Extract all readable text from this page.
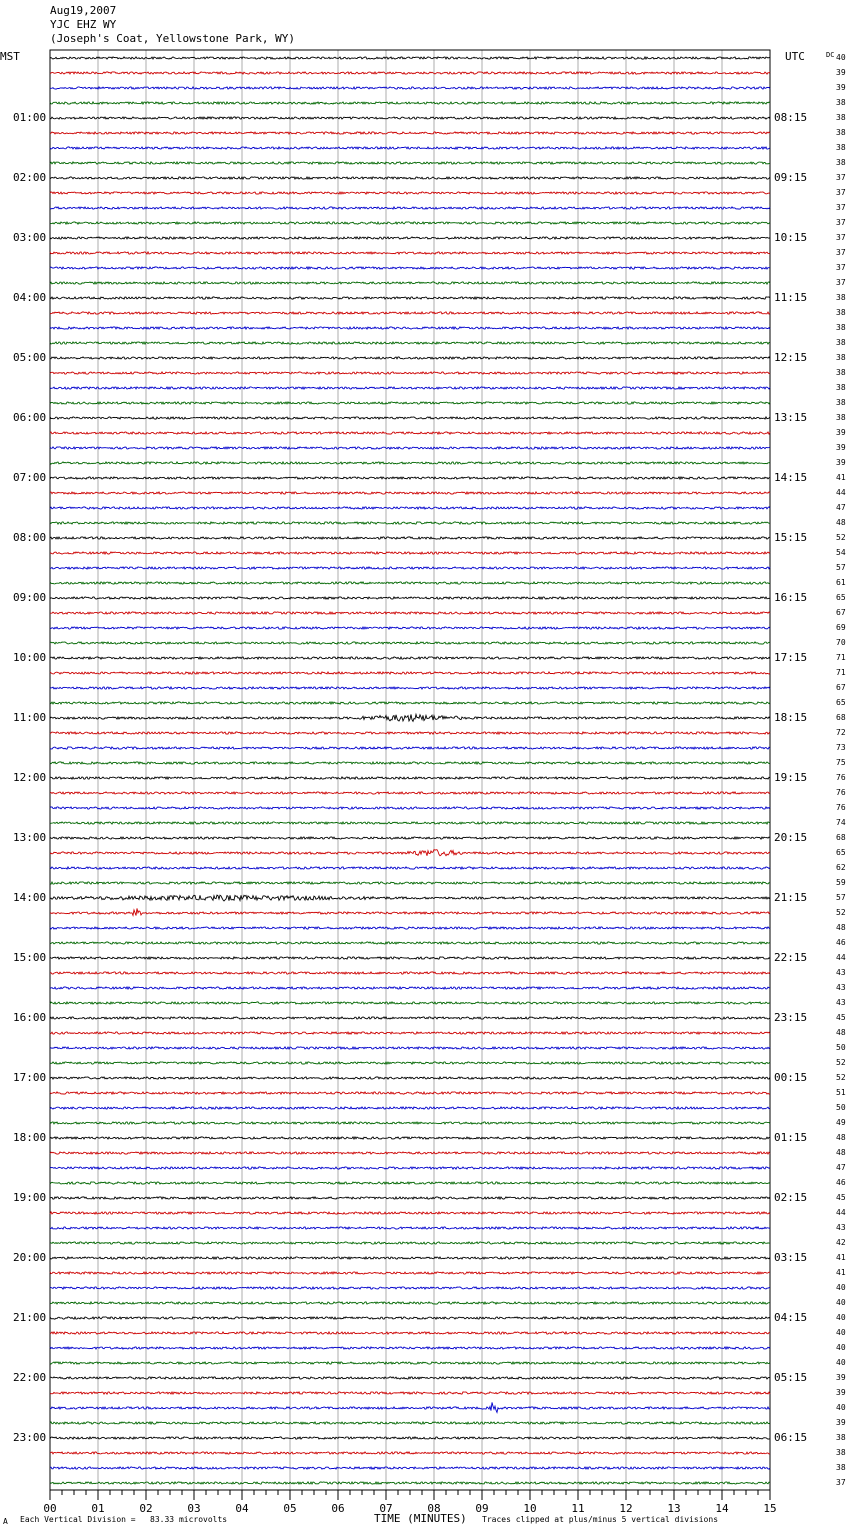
Aug19,2007
YJC EHZ WY
(Joseph's Coat, Yellowstone Park, WY)
MST	UTC	DC
00	01	02	03	04	05	06	07	08	09	10	11	12	13	14	15
01:00
02:00
03:00
04:00
05:00
06:00
07:00
08:00
09:00
10:00
11:00
12:00
13:00
14:00
15:00
16:00
17:00
18:00
19:00
20:00
21:00
22:00
23:00
08:15
09:15
10:15
11:15
12:15
13:15
14:15
15:15
16:15
17:15
18:15
19:15
20:15
21:15
22:15
23:15
00:15
01:15
02:15
03:15
04:15
05:15
06:15
40
39
39
38
38
38
38
38
37
37
37
37
37
37
37
37
38
38
38
38
38
38
38
38
38
39
39
39
41
44
47
48
52
54
57
61
65
67
69
70
71
71
67
65
68
72
73
75
76
76
76
74
68
65
62
59
57
52
48
46
44
43
43
43
45
48
50
52
52
51
50
49
48
48
47
46
45
44
43
42
41
41
40
40
40
40
40
40
39
39
40
39
38
38
38
37
A Each Vertical Division =   83.33 microvolts	TIME (MINUTES) Traces clipped at plus/minus 5 vertical divisions
